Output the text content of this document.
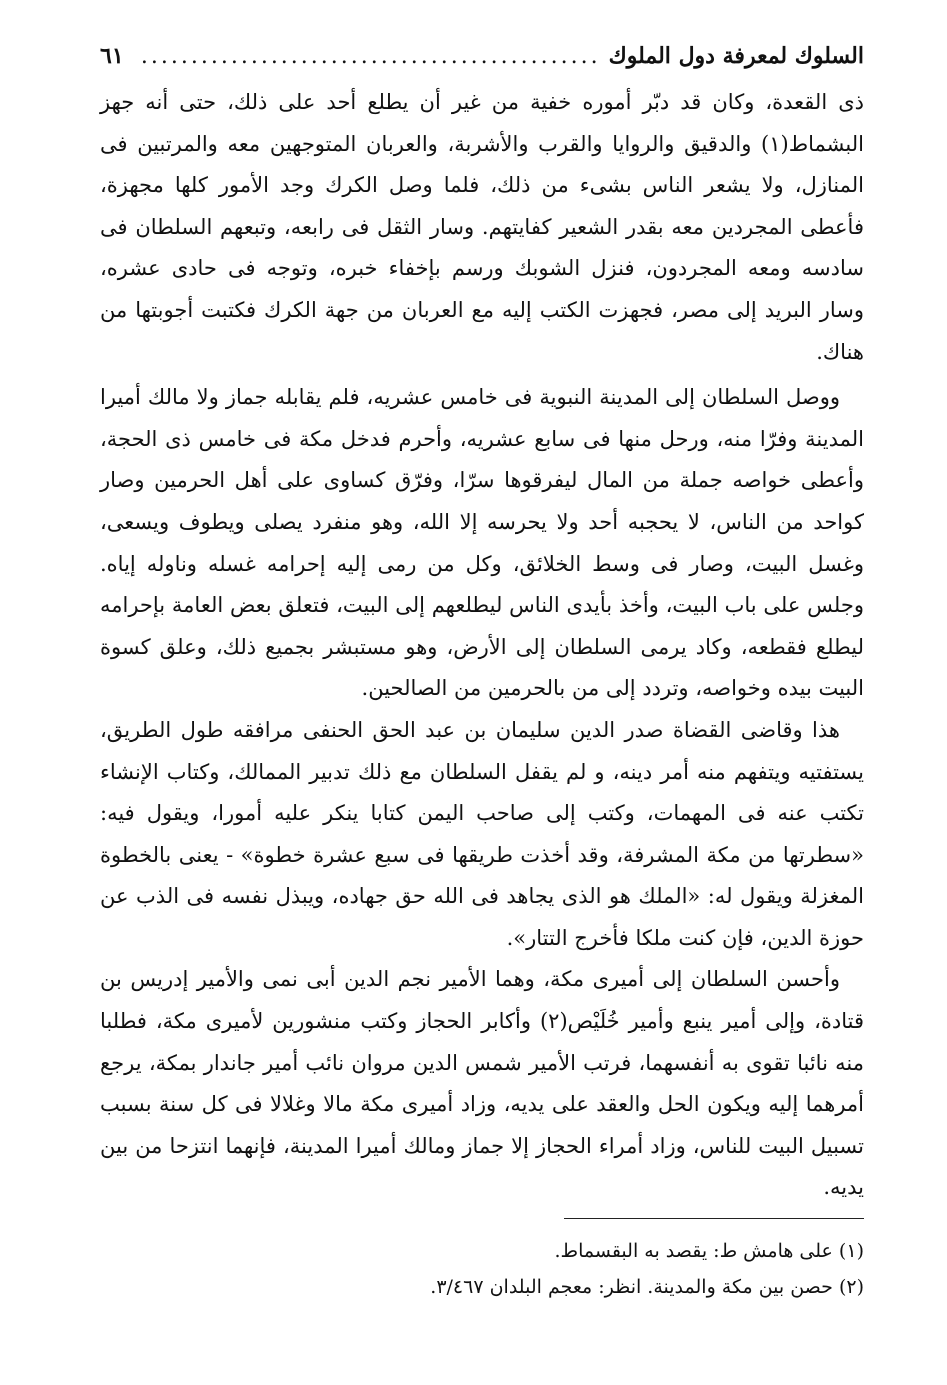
السلوك لمعرفة دول الملوك
..............................................
٦١

ذى القعدة، وكان قد دبّر أموره خفية من غير أن يطلع أحد على ذلك، حتى أنه جهز البشماط(١) والدقيق والروايا والقرب والأشربة، والعربان المتوجهين معه والمرتبين فى المنازل، ولا يشعر الناس بشىء من ذلك، فلما وصل الكرك وجد الأمور كلها مجهزة، فأعطى المجردين معه بقدر الشعير كفايتهم. وسار الثقل فى رابعه، وتبعهم السلطان فى سادسه ومعه المجردون، فنزل الشوبك ورسم بإخفاء خبره، وتوجه فى حادى عشره، وسار البريد إلى مصر، فجهزت الكتب إليه مع العربان من جهة الكرك فكتبت أجوبتها من هناك.

ووصل السلطان إلى المدينة النبوية فى خامس عشريه، فلم يقابله جماز ولا مالك أميرا المدينة وفرّا منه، ورحل منها فى سابع عشريه، وأحرم فدخل مكة فى خامس ذى الحجة، وأعطى خواصه جملة من المال ليفرقوها سرّا، وفرّق كساوى على أهل الحرمين وصار كواحد من الناس، لا يحجبه أحد ولا يحرسه إلا الله، وهو منفرد يصلى ويطوف ويسعى، وغسل البيت، وصار فى وسط الخلائق، وكل من رمى إليه إحرامه غسله وناوله إياه. وجلس على باب البيت، وأخذ بأيدى الناس ليطلعهم إلى البيت، فتعلق بعض العامة بإحرامه ليطلع فقطعه، وكاد يرمى السلطان إلى الأرض، وهو مستبشر بجميع ذلك، وعلق كسوة البيت بيده وخواصه، وتردد إلى من بالحرمين من الصالحين.

هذا وقاضى القضاة صدر الدين سليمان بن عبد الحق الحنفى مرافقه طول الطريق، يستفتيه ويتفهم منه أمر دينه، و لم يقفل السلطان مع ذلك تدبير الممالك، وكتاب الإنشاء تكتب عنه فى المهمات، وكتب إلى صاحب اليمن كتابا ينكر عليه أمورا، ويقول فيه: «سطرتها من مكة المشرفة، وقد أخذت طريقها فى سبع عشرة خطوة» - يعنى بالخطوة المغزلة ويقول له: «الملك هو الذى يجاهد فى الله حق جهاده، ويبذل نفسه فى الذب عن حوزة الدين، فإن كنت ملكا فأخرج التتار».

وأحسن السلطان إلى أميرى مكة، وهما الأمير نجم الدين أبى نمى والأمير إدريس بن قتادة، وإلى أمير ينبع وأمير خُلَيْص(٢) وأكابر الحجاز وكتب منشورين لأميرى مكة، فطلبا منه نائبا تقوى به أنفسهما، فرتب الأمير شمس الدين مروان نائب أمير جاندار بمكة، يرجع أمرهما إليه ويكون الحل والعقد على يديه، وزاد أميرى مكة مالا وغلالا فى كل سنة بسبب تسبيل البيت للناس، وزاد أمراء الحجاز إلا جماز ومالك أميرا المدينة، فإنهما انتزحا من بين يديه.

(١) على هامش ط: يقصد به البقسماط.
(٢) حصن بين مكة والمدينة. انظر: معجم البلدان ٣/٤٦٧.
